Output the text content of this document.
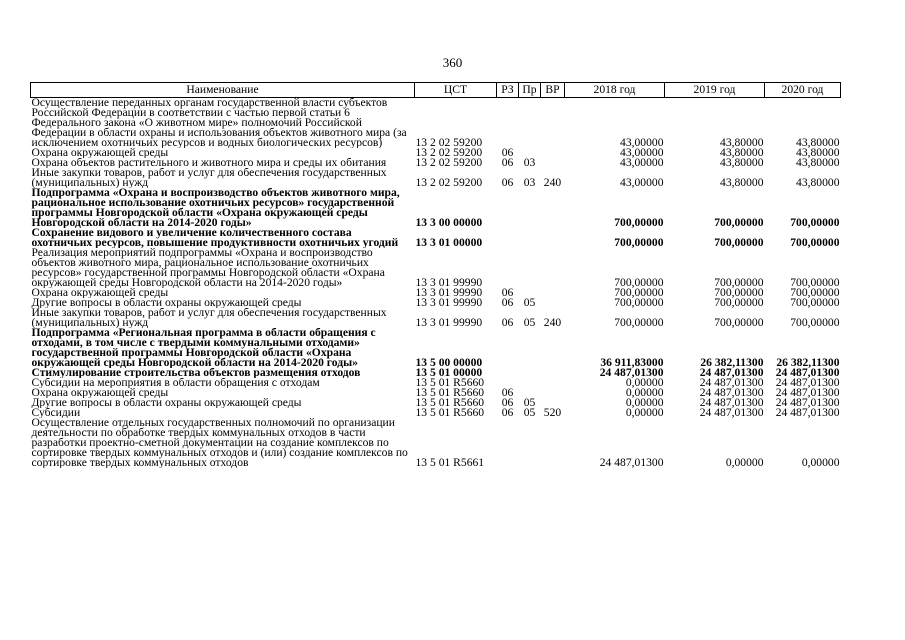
360
Наименование	ЦСТ	РЗ	Пр	ВР	2018 год	2019 год	2020 год
Осуществление переданных органам государственной власти субъектов Российской Федерации в соответствии с частью первой статьи 6 Федерального закона «О животном мире» полномочий Российской Федерации в области охраны и использования объектов животного мира (за исключением охотничьих ресурсов и водных биологических ресурсов)	13 2 02 59200				43,00000	43,80000	43,80000
Охрана окружающей среды	13 2 02 59200	06			43,00000	43,80000	43,80000
Охрана объектов растительного и животного мира и среды их обитания	13 2 02 59200	06	03		43,00000	43,80000	43,80000
Иные закупки товаров, работ и услуг для обеспечения государственных (муниципальных) нужд	13 2 02 59200	06	03	240	43,00000	43,80000	43,80000
Подпрограмма «Охрана и воспроизводство объектов животного мира, рациональное использование охотничьих ресурсов» государственной программы Новгородской области «Охрана окружающей среды Новгородской области на 2014-2020 годы»	13 3 00 00000				700,00000	700,00000	700,00000
Сохранение видового и увеличение количественного состава охотничьих ресурсов, повышение продуктивности охотничьих угодий	13 3 01 00000				700,00000	700,00000	700,00000
Реализация мероприятий подпрограммы «Охрана и воспроизводство объектов животного мира, рациональное использование охотничьих ресурсов» государственной программы Новгородской области «Охрана окружающей среды Новгородской области на 2014-2020 годы»	13 3 01 99990				700,00000	700,00000	700,00000
Охрана окружающей среды	13 3 01 99990	06			700,00000	700,00000	700,00000
Другие вопросы в области охраны окружающей среды	13 3 01 99990	06	05		700,00000	700,00000	700,00000
Иные закупки товаров, работ и услуг для обеспечения государственных (муниципальных) нужд	13 3 01 99990	06	05	240	700,00000	700,00000	700,00000
Подпрограмма «Региональная программа в области обращения с отходами, в том числе с твердыми коммунальными отходами» государственной программы Новгородской области «Охрана окружающей среды Новгородской области на 2014-2020 годы»	13 5 00 00000				36 911,83000	26 382,11300	26 382,11300
Стимулирование строительства объектов размещения отходов	13 5 01 00000				24 487,01300	24 487,01300	24 487,01300
Субсидии на мероприятия в области обращения с отходам	13 5 01 R5660				0,00000	24 487,01300	24 487,01300
Охрана окружающей среды	13 5 01 R5660	06			0,00000	24 487,01300	24 487,01300
Другие вопросы в области охраны окружающей среды	13 5 01 R5660	06	05		0,00000	24 487,01300	24 487,01300
Субсидии	13 5 01 R5660	06	05	520	0,00000	24 487,01300	24 487,01300
Осуществление отдельных государственных полномочий по организации деятельности по обработке твердых коммунальных отходов в части разработки проектно-сметной документации на создание комплексов по сортировке твердых коммунальных отходов и (или) создание комплексов по сортировке твердых коммунальных отходов	13 5 01 R5661				24 487,01300	0,00000	0,00000
